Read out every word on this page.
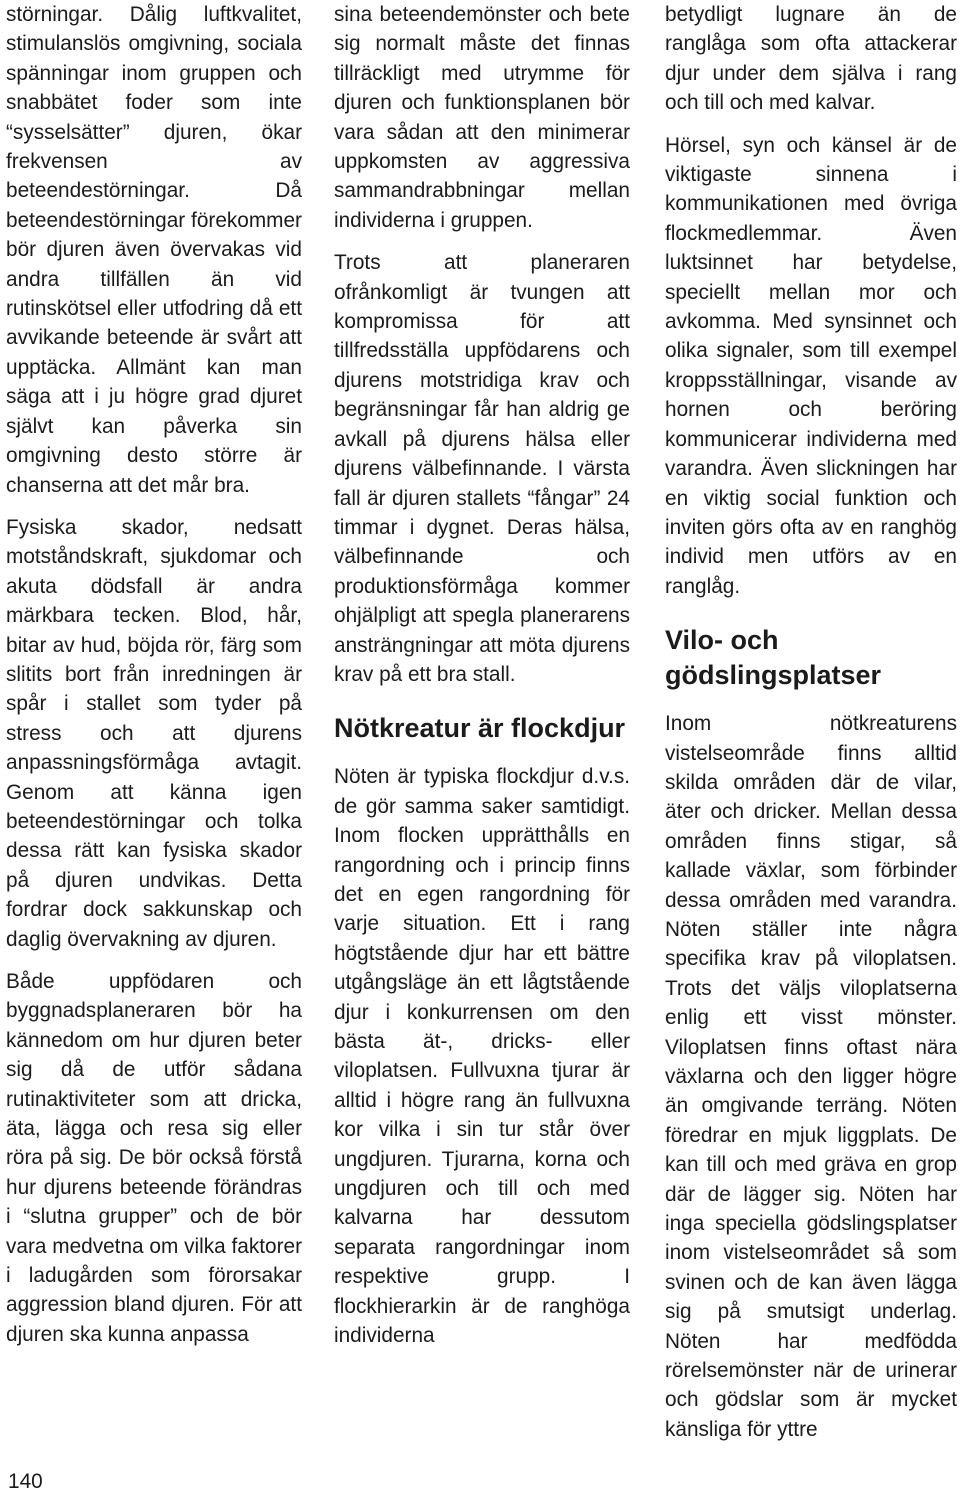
störningar. Dålig luftkvalitet, stimulanslös omgivning, sociala spänningar inom gruppen och snabbätet foder som inte “sysselsätter” djuren, ökar frekvensen av beteendestörningar. Då beteendestörningar förekommer bör djuren även övervakas vid andra tillfällen än vid rutinskötsel eller utfodring då ett avvikande beteende är svårt att upptäcka. Allmänt kan man säga att i ju högre grad djuret självt kan påverka sin omgivning desto större är chanserna att det mår bra.

Fysiska skador, nedsatt motståndskraft, sjukdomar och akuta dödsfall är andra märkbara tecken. Blod, hår, bitar av hud, böjda rör, färg som slitits bort från inredningen är spår i stallet som tyder på stress och att djurens anpassningsförmåga avtagit. Genom att känna igen beteendestörningar och tolka dessa rätt kan fysiska skador på djuren undvikas. Detta fordrar dock sakkunskap och daglig övervakning av djuren.

Både uppfödaren och byggnadsplaneraren bör ha kännedom om hur djuren beter sig då de utför sådana rutinaktiviteter som att dricka, äta, lägga och resa sig eller röra på sig. De bör också förstå hur djurens beteende förändras i “slutna grupper” och de bör vara medvetna om vilka faktorer i ladugården som förorsakar aggression bland djuren. För att djuren ska kunna anpassa

sina beteendemönster och bete sig normalt måste det finnas tillräckligt med utrymme för djuren och funktionsplanen bör vara sådan att den minimerar uppkomsten av aggressiva sammandrabbningar mellan individerna i gruppen.

Trots att planeraren ofrånkomligt är tvungen att kompromissa för att tillfredsställa uppfödarens och djurens motstridiga krav och begränsningar får han aldrig ge avkall på djurens hälsa eller djurens välbefinnande. I värsta fall är djuren stallets “fångar” 24 timmar i dygnet. Deras hälsa, välbefinnande och produktionsförmåga kommer ohjälpligt att spegla planerarens ansträngningar att möta djurens krav på ett bra stall.

Nötkreatur är flockdjur

Nöten är typiska flockdjur d.v.s. de gör samma saker samtidigt. Inom flocken upprätthålls en rangordning och i princip finns det en egen rangordning för varje situation. Ett i rang högtstående djur har ett bättre utgångsläge än ett lågtstående djur i konkurrensen om den bästa ät-, dricks- eller viloplatsen. Fullvuxna tjurar är alltid i högre rang än fullvuxna kor vilka i sin tur står över ungdjuren. Tjurarna, korna och ungdjuren och till och med kalvarna har dessutom separata rangordningar inom respektive grupp. I flockhierarkin är de ranghöga individerna

betydligt lugnare än de ranglåga som ofta attackerar djur under dem själva i rang och till och med kalvar.

Hörsel, syn och känsel är de viktigaste sinnena i kommunikationen med övriga flockmedlemmar. Även luktsinnet har betydelse, speciellt mellan mor och avkomma. Med synsinnet och olika signaler, som till exempel kroppsställningar, visande av hornen och beröring kommunicerar individerna med varandra. Även slickningen har en viktig social funktion och inviten görs ofta av en ranghög individ men utförs av en ranglåg.

Vilo- och gödslingsplatser

Inom nötkreaturens vistelseområde finns alltid skilda områden där de vilar, äter och dricker. Mellan dessa områden finns stigar, så kallade växlar, som förbinder dessa områden med varandra. Nöten ställer inte några specifika krav på viloplatsen. Trots det väljs viloplatserna enlig ett visst mönster. Viloplatsen finns oftast nära växlarna och den ligger högre än omgivande terräng. Nöten föredrar en mjuk liggplats. De kan till och med gräva en grop där de lägger sig. Nöten har inga speciella gödslingsplatser inom vistelseområdet så som svinen och de kan även lägga sig på smutsigt underlag. Nöten har medfödda rörelsemönster när de urinerar och gödslar som är mycket känsliga för yttre

140
